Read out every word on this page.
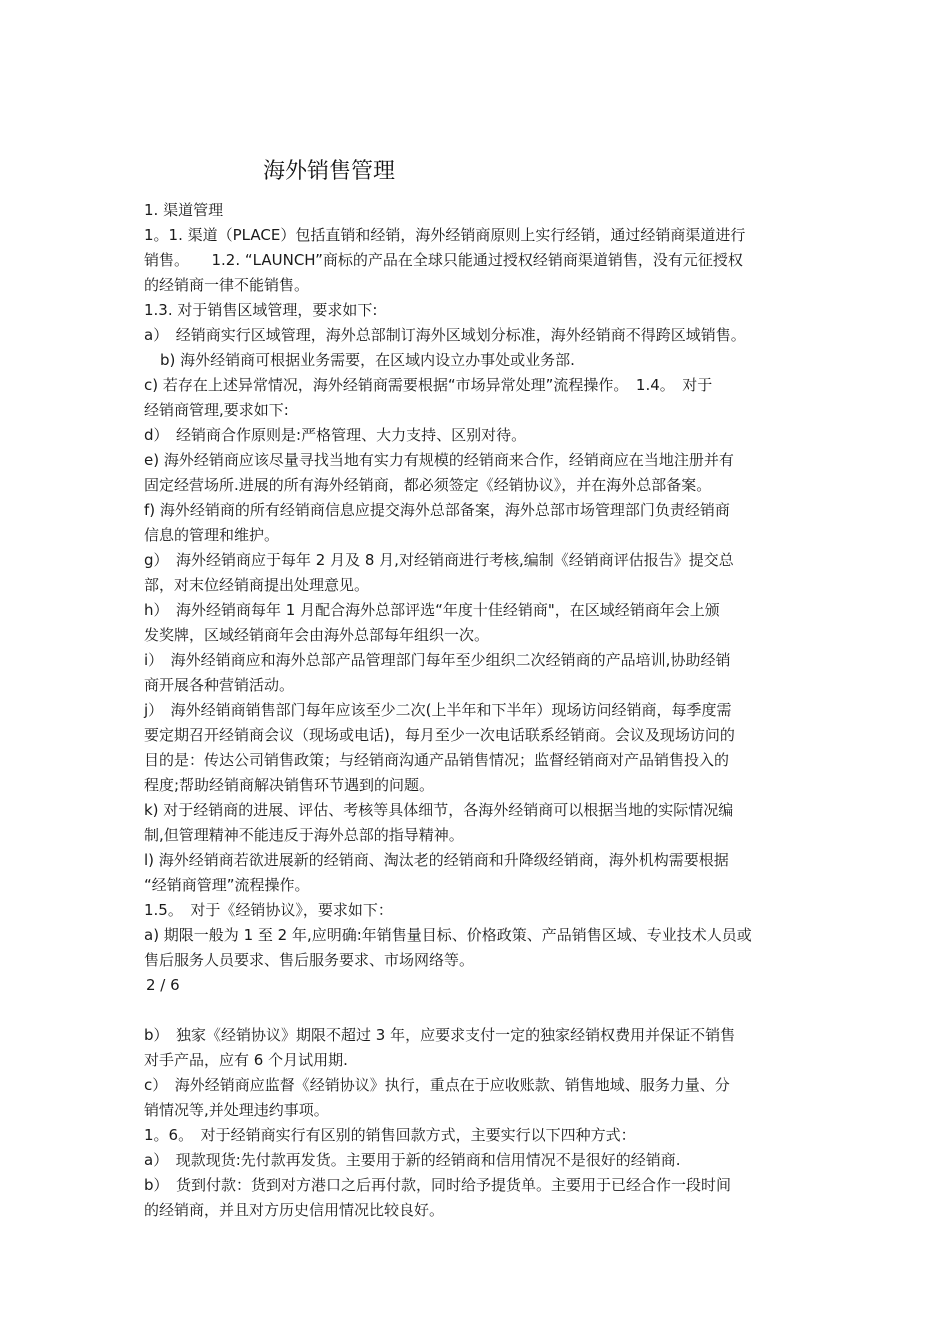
海外销售管理
1. 渠道管理
1。1. 渠道（PLACE）包括直销和经销，海外经销商原则上实行经销，通过经销商渠道进行
销售。　　1.2. “LAUNCH”商标的产品在全球只能通过授权经销商渠道销售，没有元征授权
的经销商一律不能销售。
1.3. 对于销售区域管理，要求如下:
a）　经销商实行区域管理，海外总部制订海外区域划分标准，海外经销商不得跨区域销售。
b) 海外经销商可根据业务需要，在区域内设立办事处或业务部.
c) 若存在上述异常情况，海外经销商需要根据“市场异常处理”流程操作。　1.4。　对于
经销商管理,要求如下:
d）　经销商合作原则是:严格管理、大力支持、区别对待。
e) 海外经销商应该尽量寻找当地有实力有规模的经销商来合作，经销商应在当地注册并有
固定经营场所.进展的所有海外经销商，都必须签定《经销协议》，并在海外总部备案。
f) 海外经销商的所有经销商信息应提交海外总部备案，海外总部市场管理部门负责经销商
信息的管理和维护。
g）　海外经销商应于每年 2 月及 8 月,对经销商进行考核,编制《经销商评估报告》提交总
部，对末位经销商提出处理意见。
h）　海外经销商每年 1 月配合海外总部评选“年度十佳经销商"，在区域经销商年会上颁
发奖牌，区域经销商年会由海外总部每年组织一次。
i）　海外经销商应和海外总部产品管理部门每年至少组织二次经销商的产品培训,协助经销
商开展各种营销活动。
j）　海外经销商销售部门每年应该至少二次(上半年和下半年）现场访问经销商，每季度需
要定期召开经销商会议（现场或电话)，每月至少一次电话联系经销商。会议及现场访问的
目的是：传达公司销售政策；与经销商沟通产品销售情况；监督经销商对产品销售投入的
程度;帮助经销商解决销售环节遇到的问题。
k) 对于经销商的进展、评估、考核等具体细节，各海外经销商可以根据当地的实际情况编
制,但管理精神不能违反于海外总部的指导精神。
l) 海外经销商若欲进展新的经销商、淘汰老的经销商和升降级经销商，海外机构需要根据
“经销商管理”流程操作。
1.5。　对于《经销协议》，要求如下：
a) 期限一般为 1 至 2 年,应明确:年销售量目标、价格政策、产品销售区域、专业技术人员或
售后服务人员要求、售后服务要求、市场网络等。
2 / 6
b）　独家《经销协议》期限不超过 3 年，应要求支付一定的独家经销权费用并保证不销售
对手产品，应有 6 个月试用期.
c）　海外经销商应监督《经销协议》执行，重点在于应收账款、销售地域、服务力量、分
销情况等,并处理违约事项。
1。6。　对于经销商实行有区别的销售回款方式，主要实行以下四种方式：
a）　现款现货:先付款再发货。主要用于新的经销商和信用情况不是很好的经销商.
b）　货到付款：货到对方港口之后再付款，同时给予提货单。主要用于已经合作一段时间
的经销商，并且对方历史信用情况比较良好。
